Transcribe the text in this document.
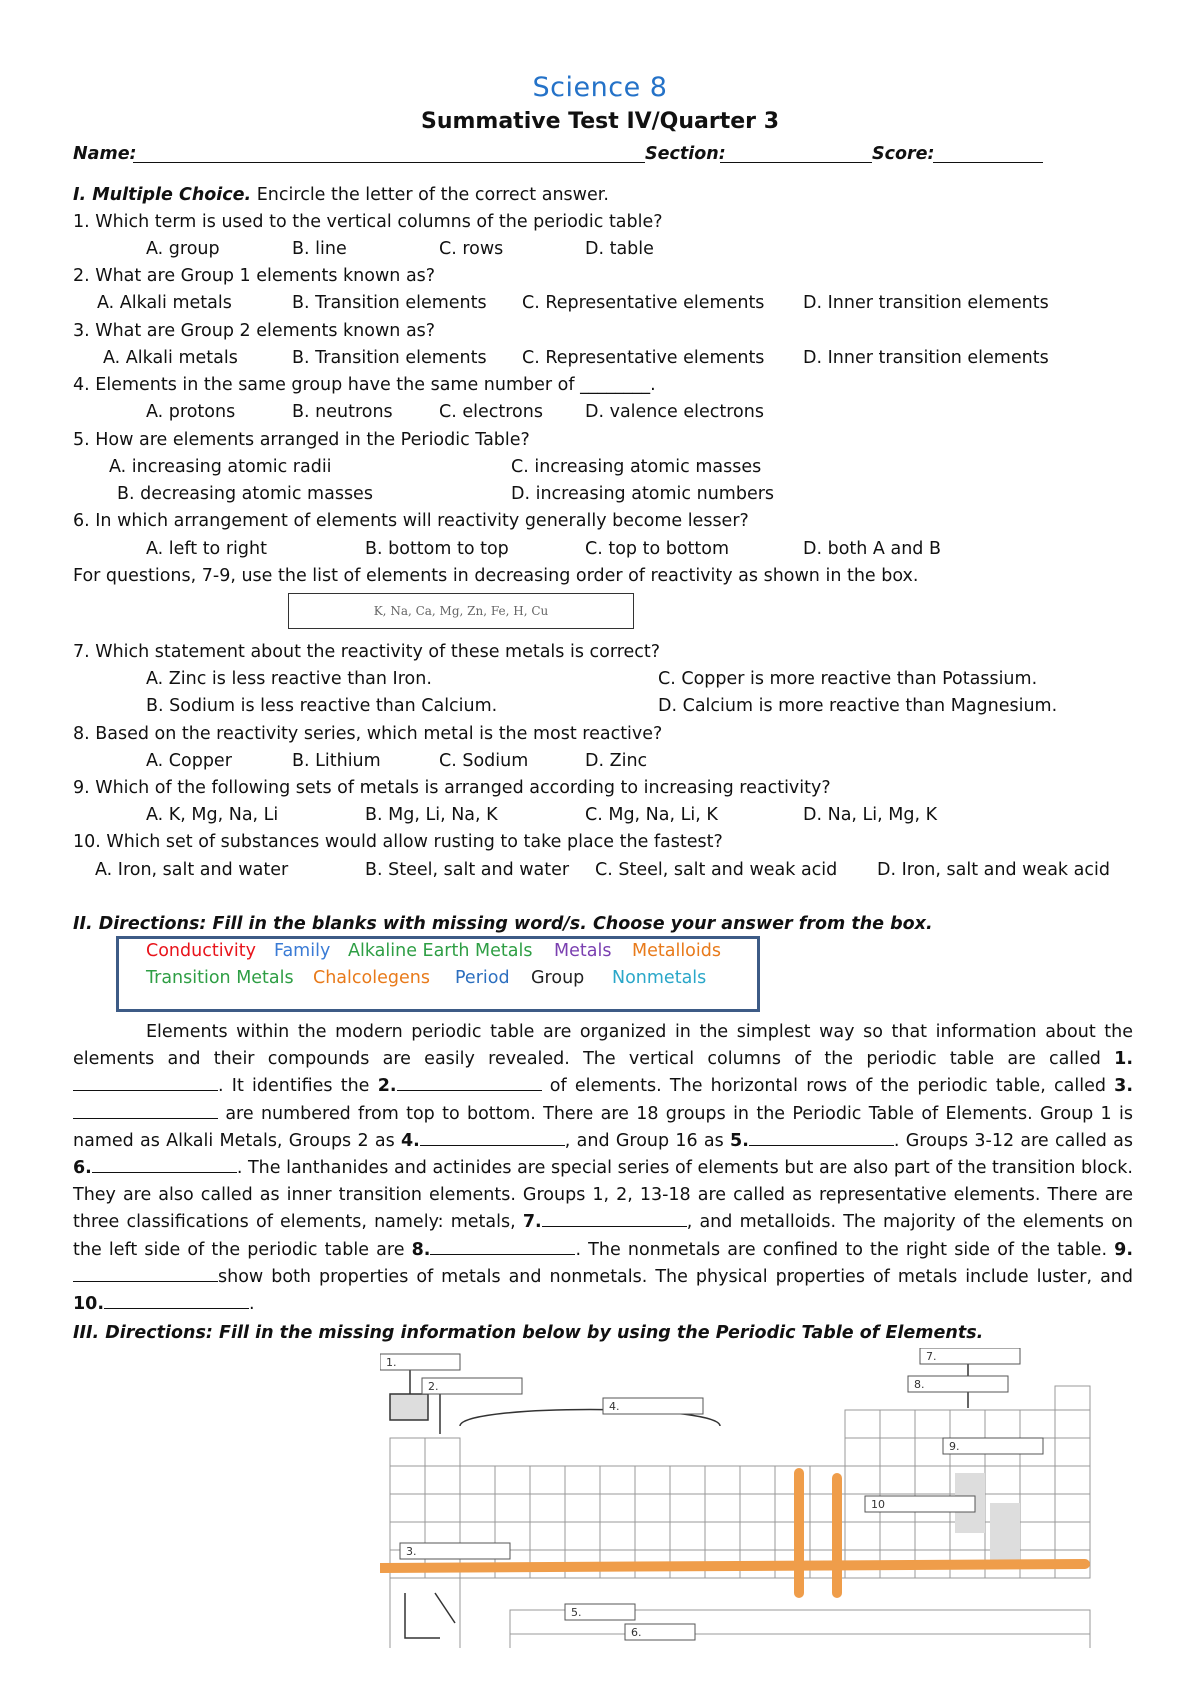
Science 8
Summative Test IV/Quarter 3
Name:	Section:	Score:
I. Multiple Choice. Encircle the letter of the correct answer.
1. Which term is used to the vertical columns of the periodic table?
A. group	B. line	C. rows	D. table
2. What are Group 1 elements known as?
A. Alkali metals	B. Transition elements C. Representative elements D. Inner transition elements
3. What are Group 2 elements known as?
A. Alkali metals	B. Transition elements C. Representative elements D. Inner transition elements
4. Elements in the same group have the same number of ________.
A. protons	B. neutrons	C. electrons D. valence electrons
5. How are elements arranged in the Periodic Table?
A. increasing atomic radii	C. increasing atomic masses
B. decreasing atomic masses	D. increasing atomic numbers
6. In which arrangement of elements will reactivity generally become lesser?
A. left to right	B. bottom to top	C. top to bottom	D. both A and B
For questions, 7-9, use the list of elements in decreasing order of reactivity as shown in the box.
K, Na, Ca, Mg, Zn, Fe, H, Cu
7. Which statement about the reactivity of these metals is correct?
A. Zinc is less reactive than Iron.	C. Copper is more reactive than Potassium.
B. Sodium is less reactive than Calcium.	D. Calcium is more reactive than Magnesium.
8. Based on the reactivity series, which metal is the most reactive?
A. Copper	B. Lithium	C. Sodium	D. Zinc
9. Which of the following sets of metals is arranged according to increasing reactivity?
A. K, Mg, Na, Li	B. Mg, Li, Na, K	C. Mg, Na, Li, K	D. Na, Li, Mg, K
10. Which set of substances would allow rusting to take place the fastest?
A. Iron, salt and water	B. Steel, salt and water C. Steel, salt and weak acid D. Iron, salt and weak acid
II. Directions: Fill in the blanks with missing word/s. Choose your answer from the box.
Conductivity Family Alkaline Earth Metals Metals Metalloids
Transition Metals Chalcolegens Period Group Nonmetals
Elements within the modern periodic table are organized in the simplest way so that information about the elements and their compounds are easily revealed. The vertical columns of the periodic table are called 1.. It identifies the 2.	of elements. The horizontal rows of the periodic table, called 3. are numbered from top to bottom. There are 18 groups in the Periodic Table of Elements. Group 1 is named as Alkali Metals, Groups 2 as 4.	, and Group 16 as 5.	. Groups 3-12 are called as 6.	. The lanthanides and actinides are special series of elements but are also part of the transition block. They are also called as inner transition elements. Groups 1, 2, 13-18 are called as representative elements. There are three classifications of elements, namely: metals, 7.	, and metalloids. The majority of the elements on the left side of the periodic table are 8.	. The nonmetals are confined to the right side of the table. 9.show both properties of metals and nonmetals. The physical properties of metals include luster, and 10.	.
III. Directions: Fill in the missing information below by using the Periodic Table of Elements.
1.
2.
3.
4.
5.
6.
7.
8.
9.
10
